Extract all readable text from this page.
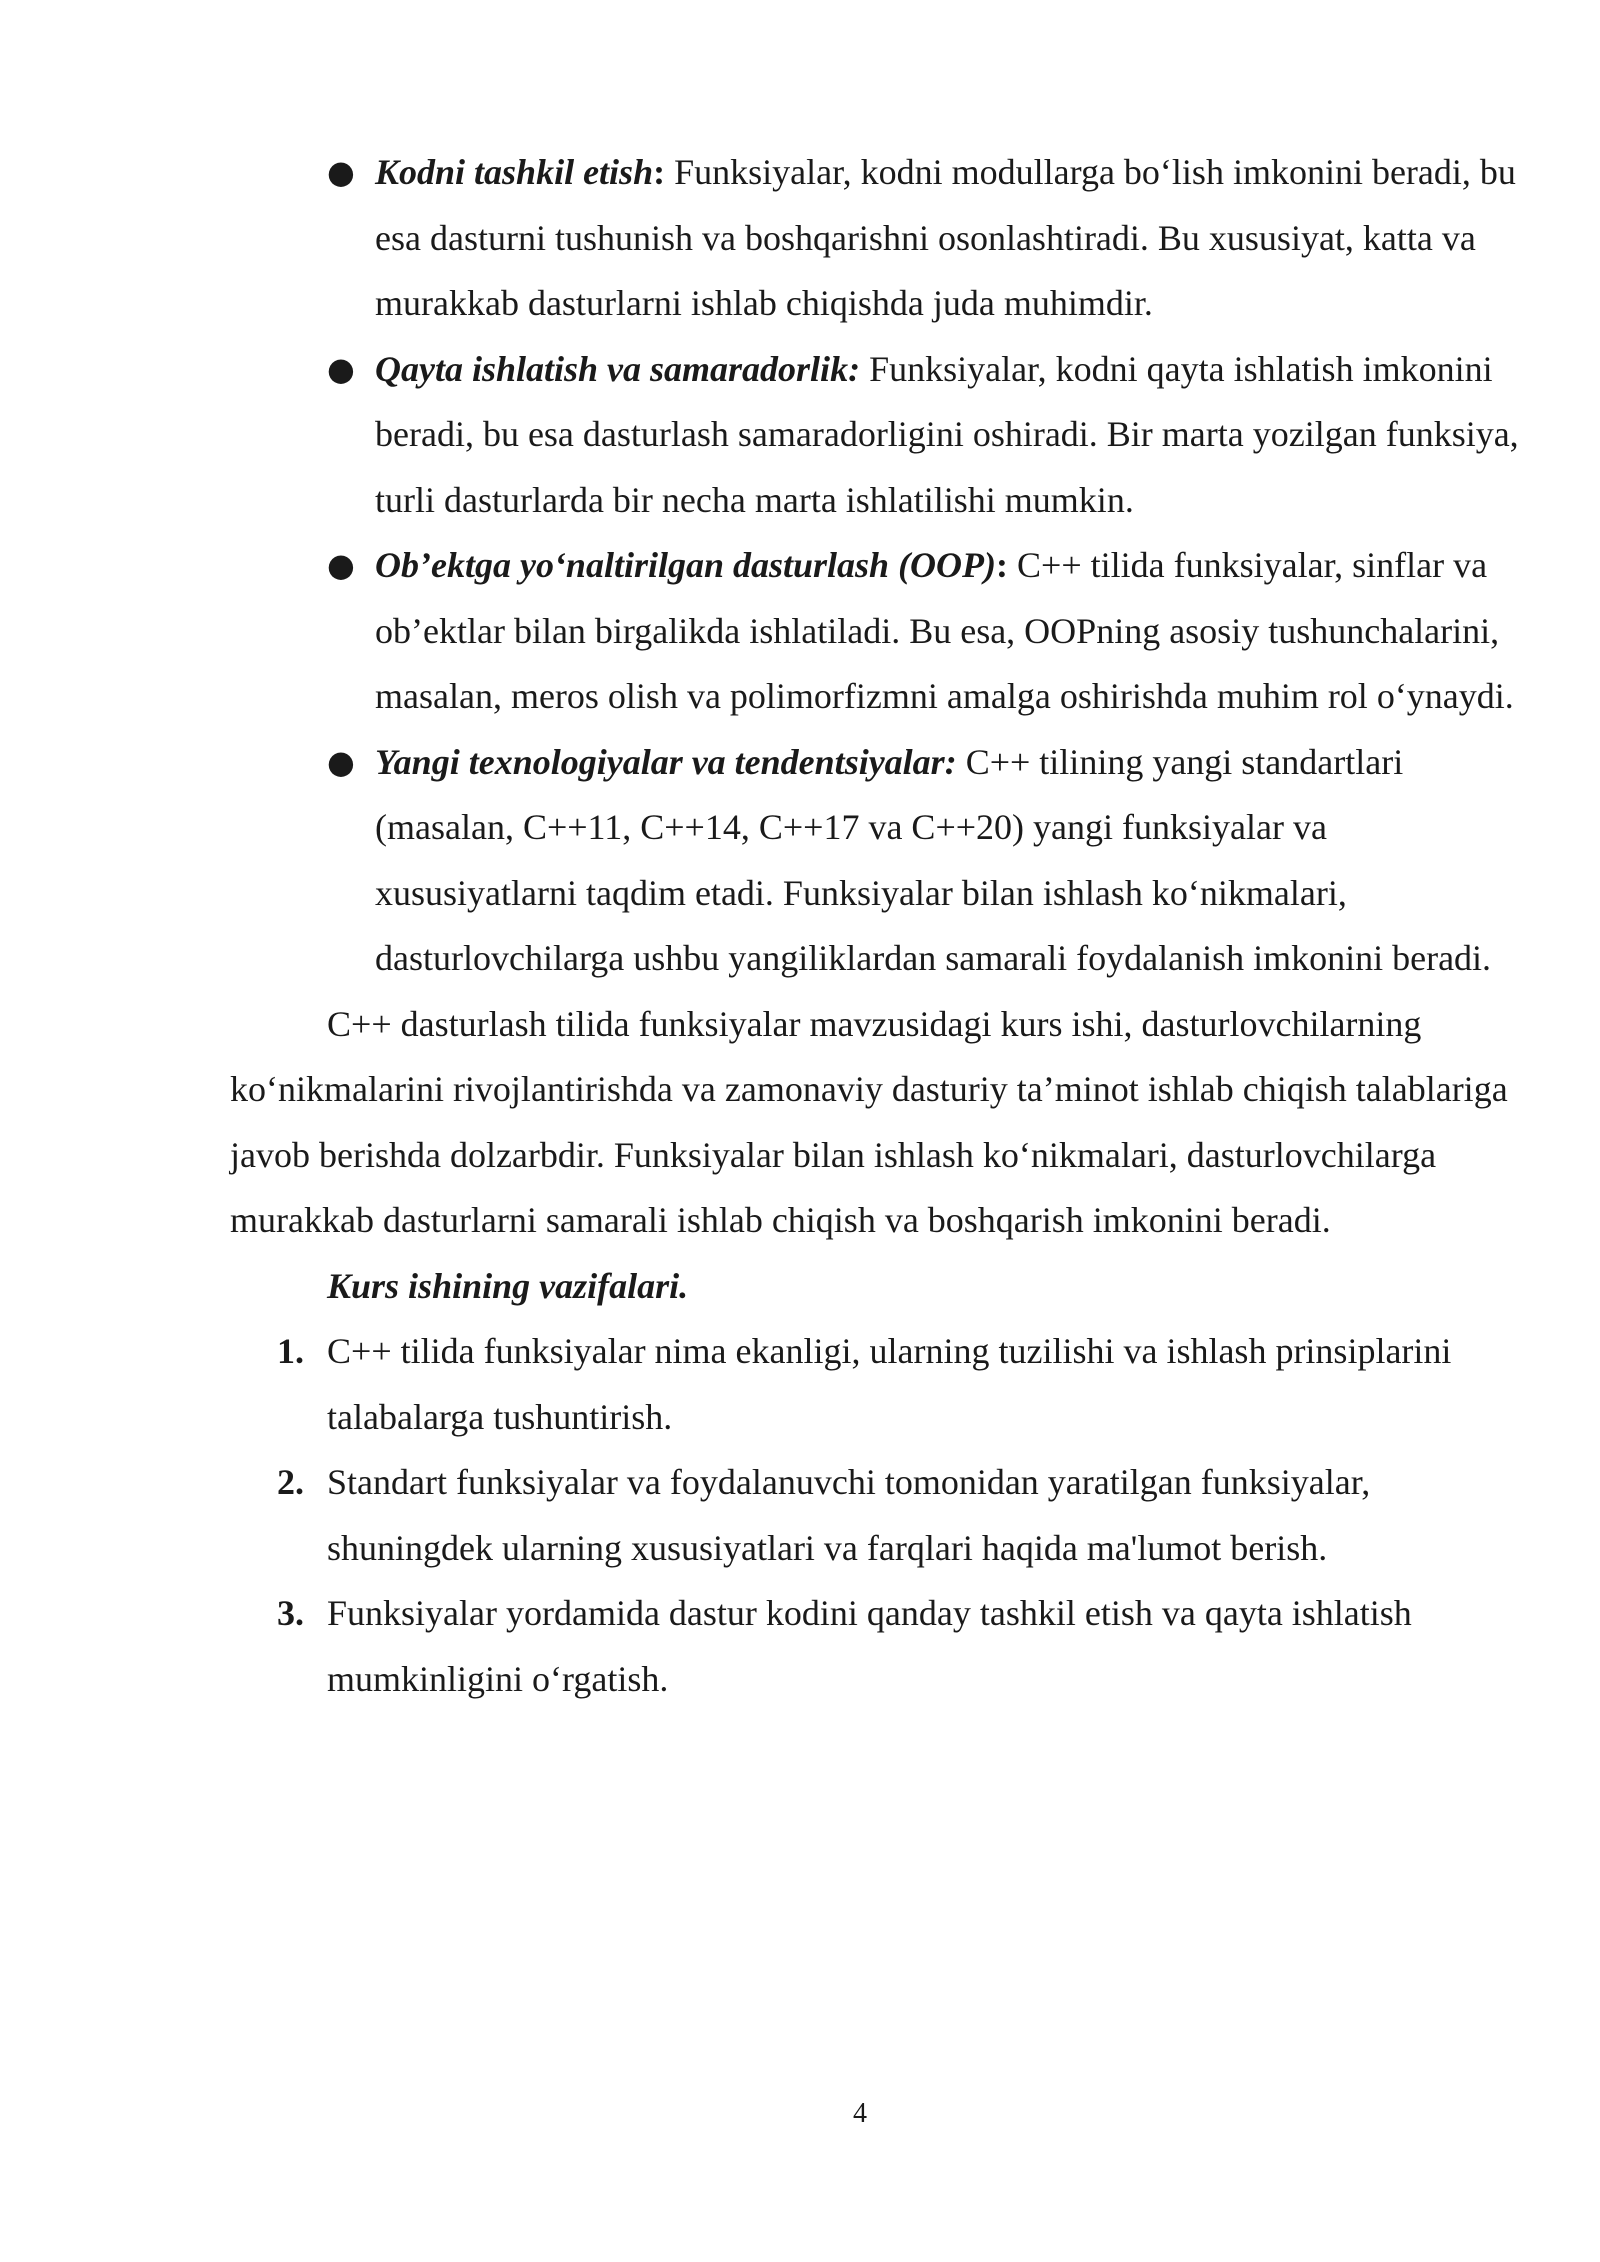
● Kodni tashkil etish: Funksiyalar, kodni modullarga bo‘lish imkonini beradi, bu esa dasturni tushunish va boshqarishni osonlashtiradi. Bu xususiyat, katta va murakkab dasturlarni ishlab chiqishda juda muhimdir.
● Qayta ishlatish va samaradorlik: Funksiyalar, kodni qayta ishlatish imkonini beradi, bu esa dasturlash samaradorligini oshiradi. Bir marta yozilgan funksiya, turli dasturlarda bir necha marta ishlatilishi mumkin.
● Ob’ektga yo‘naltirilgan dasturlash (OOP): C++ tilida funksiyalar, sinflar va ob’ektlar bilan birgalikda ishlatiladi. Bu esa, OOPning asosiy tushunchalarini, masalan, meros olish va polimorfizmni amalga oshirishda muhim rol o‘ynaydi.
● Yangi texnologiyalar va tendentsiyalar: C++ tilining yangi standartlari (masalan, C++11, C++14, C++17 va C++20) yangi funksiyalar va xususiyatlarni taqdim etadi. Funksiyalar bilan ishlash ko‘nikmalari, dasturlovchilarga ushbu yangiliklardan samarali foydalanish imkonini beradi.

C++ dasturlash tilida funksiyalar mavzusidagi kurs ishi, dasturlovchilarning ko‘nikmalarini rivojlantirishda va zamonaviy dasturiy ta’minot ishlab chiqish talablariga javob berishda dolzarbdir. Funksiyalar bilan ishlash ko‘nikmalari, dasturlovchilarga murakkab dasturlarni samarali ishlab chiqish va boshqarish imkonini beradi.

Kurs ishining vazifalari.

1. C++ tilida funksiyalar nima ekanligi, ularning tuzilishi va ishlash prinsiplarini talabalarga tushuntirish.
2. Standart funksiyalar va foydalanuvchi tomonidan yaratilgan funksiyalar, shuningdek ularning xususiyatlari va farqlari haqida ma'lumot berish.
3. Funksiyalar yordamida dastur kodini qanday tashkil etish va qayta ishlatish mumkinligini o‘rgatish.
4
